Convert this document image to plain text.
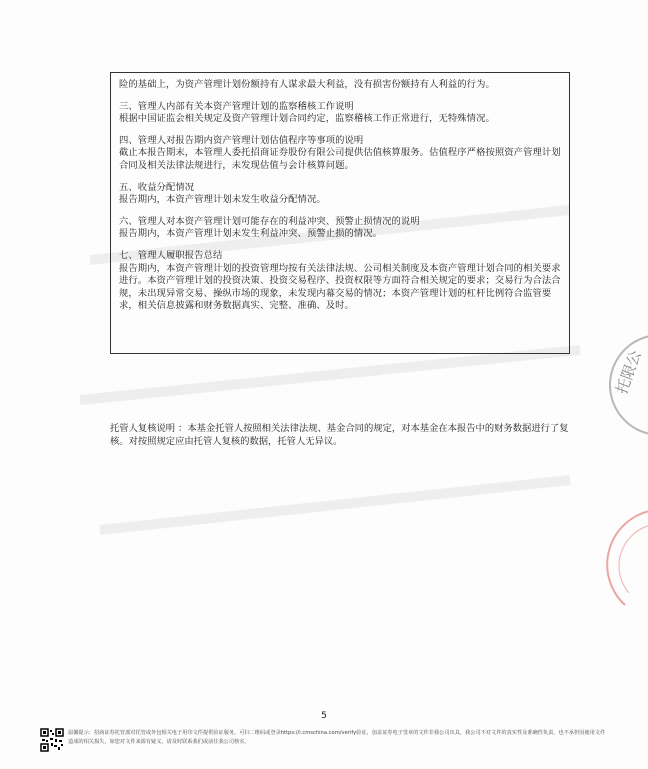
险的基础上，为资产管理计划份额持有人谋求最大利益，没有损害份额持有人利益的行为。

三、管理人内部有关本资产管理计划的监察稽核工作说明

根据中国证监会相关规定及资产管理计划合同约定，监察稽核工作正常进行，无特殊情况。

四、管理人对报告期内资产管理计划估值程序等事项的说明

截止本报告期末，本管理人委托招商证券股份有限公司提供估值核算服务。估值程序严格按照资产管理计划合同及相关法律法规进行，未发现估值与会计核算问题。

五、收益分配情况

报告期内，本资产管理计划未发生收益分配情况。

六、管理人对本资产管理计划可能存在的利益冲突、预警止损情况的说明

报告期内，本资产管理计划未发生利益冲突、预警止损的情况。

七、管理人履职报告总结

报告期内，本资产管理计划的投资管理均按有关法律法规、公司相关制度及本资产管理计划合同的相关要求进行。本资产管理计划的投资决策、投资交易程序、投资权限等方面符合相关规定的要求；交易行为合法合规，未出现异常交易、操纵市场的现象，未发现内幕交易的情况；本资产管理计划的杠杆比例符合监管要求，相关信息披露和财务数据真实、完整、准确、及时。

托管人复核说明 ：本基金托管人按照相关法律法规、基金合同的规定，对本基金在本报告中的财务数据进行了复核。对按照规定应由托管人复核的数据，托管人无异议。

托限公
5

温馨提示：招商证券托管部对托管或外包相关电子用印文件提供验证服务，可扫二维码或登录https://i.cmschina.com/verify验证，加盖证券电子签章的文件非我公司出具，我公司不对文件的真实性及准确性负责，也不承担因使用文件造成的相关损失，如您对文件来源有疑义，请及时联系我们或前往我公司核实。
